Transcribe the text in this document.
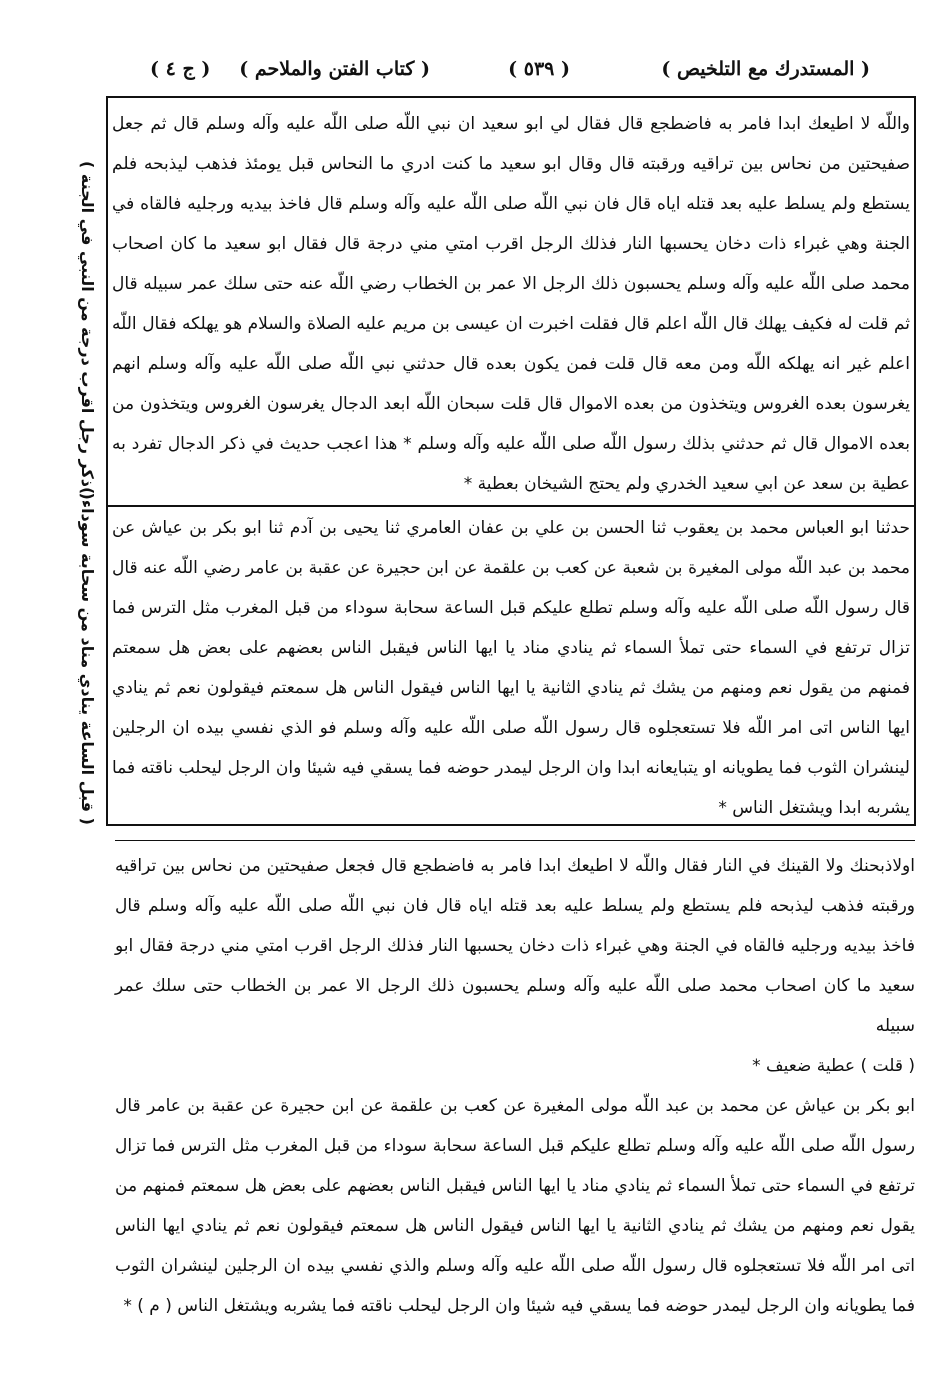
( المستدرك مع التلخيص )
( ٥٣٩ )
( كتاب الفتن والملاحم )
( ج ٤ )

واللّه لا اطيعك ابدا فامر به فاضطجع قال فقال لي ابو سعيد ان نبي اللّه صلى اللّه عليه وآله وسلم قال ثم جعل صفيحتين من نحاس بين تراقيه ورقبته قال وقال ابو سعيد ما كنت ادري ما النحاس قبل يومئذ فذهب ليذبحه فلم يستطع ولم يسلط عليه بعد قتله اياه قال فان نبي اللّه صلى اللّه عليه وآله وسلم قال فاخذ بيديه ورجليه فالقاه في الجنة وهي غبراء ذات دخان يحسبها النار فذلك الرجل اقرب امتي مني درجة قال فقال ابو سعيد ما كان اصحاب محمد صلى اللّه عليه وآله وسلم يحسبون ذلك الرجل الا عمر بن الخطاب رضي اللّه عنه حتى سلك عمر سبيله قال ثم قلت له فكيف يهلك قال اللّه اعلم قال فقلت اخبرت ان عيسى بن مريم عليه الصلاة والسلام هو يهلكه فقال اللّه اعلم غير انه يهلكه اللّه ومن معه قال قلت فمن يكون بعده قال حدثني نبي اللّه صلى اللّه عليه وآله وسلم انهم يغرسون بعده الغروس ويتخذون من بعده الاموال قال قلت سبحان اللّه ابعد الدجال يغرسون الغروس ويتخذون من بعده الاموال قال ثم حدثني بذلك رسول اللّه صلى اللّه عليه وآله وسلم * هذا اعجب حديث في ذكر الدجال تفرد به عطية بن سعد عن ابي سعيد الخدري ولم يحتج الشيخان بعطية *

حدثنا ابو العباس محمد بن يعقوب ثنا الحسن بن علي بن عفان العامري ثنا يحيى بن آدم ثنا ابو بكر بن عياش عن محمد بن عبد اللّه مولى المغيرة بن شعبة عن كعب بن علقمة عن ابن حجيرة عن عقبة بن عامر رضي اللّه عنه قال قال رسول اللّه صلى اللّه عليه وآله وسلم تطلع عليكم قبل الساعة سحابة سوداء من قبل المغرب مثل الترس فما تزال ترتفع في السماء حتى تملأ السماء ثم ينادي مناد يا ايها الناس فيقبل الناس بعضهم على بعض هل سمعتم فمنهم من يقول نعم ومنهم من يشك ثم ينادي الثانية يا ايها الناس فيقول الناس هل سمعتم فيقولون نعم ثم ينادي ايها الناس اتى امر اللّه فلا تستعجلوه قال رسول اللّه صلى اللّه عليه وآله وسلم فو الذي نفسي بيده ان الرجلين لينشران الثوب فما يطويانه او يتبايعانه ابدا وان الرجل ليمدر حوضه فما يسقي فيه شيئا وان الرجل ليحلب ناقته فما يشربه ابدا ويشتغل الناس *

( ذكر رجل اقرب درجة من النبي في الجنة )
( قبل الساعة ينادي مناد من سحابة سوداء )

اولاذبحنك ولا القينك في النار فقال واللّه لا اطيعك ابدا فامر به فاضطجع قال فجعل صفيحتين من نحاس بين تراقيه ورقبته فذهب ليذبحه فلم يستطع ولم يسلط عليه بعد قتله اياه قال فان نبي اللّه صلى اللّه عليه وآله وسلم قال فاخذ بيديه ورجليه فالقاه في الجنة وهي غبراء ذات دخان يحسبها النار فذلك الرجل اقرب امتي مني درجة فقال ابو سعيد ما كان اصحاب محمد صلى اللّه عليه وآله وسلم يحسبون ذلك الرجل الا عمر بن الخطاب حتى سلك عمر سبيله

( قلت ) عطية ضعيف *

ابو بكر بن عياش عن محمد بن عبد اللّه مولى المغيرة عن كعب بن علقمة عن ابن حجيرة عن عقبة بن عامر قال رسول اللّه صلى اللّه عليه وآله وسلم تطلع عليكم قبل الساعة سحابة سوداء من قبل المغرب مثل الترس فما تزال ترتفع في السماء حتى تملأ السماء ثم ينادي مناد يا ايها الناس فيقبل الناس بعضهم على بعض هل سمعتم فمنهم من يقول نعم ومنهم من يشك ثم ينادي الثانية يا ايها الناس فيقول الناس هل سمعتم فيقولون نعم ثم ينادي ايها الناس اتى امر اللّه فلا تستعجلوه قال رسول اللّه صلى اللّه عليه وآله وسلم والذي نفسي بيده ان الرجلين لينشران الثوب فما يطويانه وان الرجل ليمدر حوضه فما يسقي فيه شيئا وان الرجل ليحلب ناقته فما يشربه ويشتغل الناس ( م ) *
